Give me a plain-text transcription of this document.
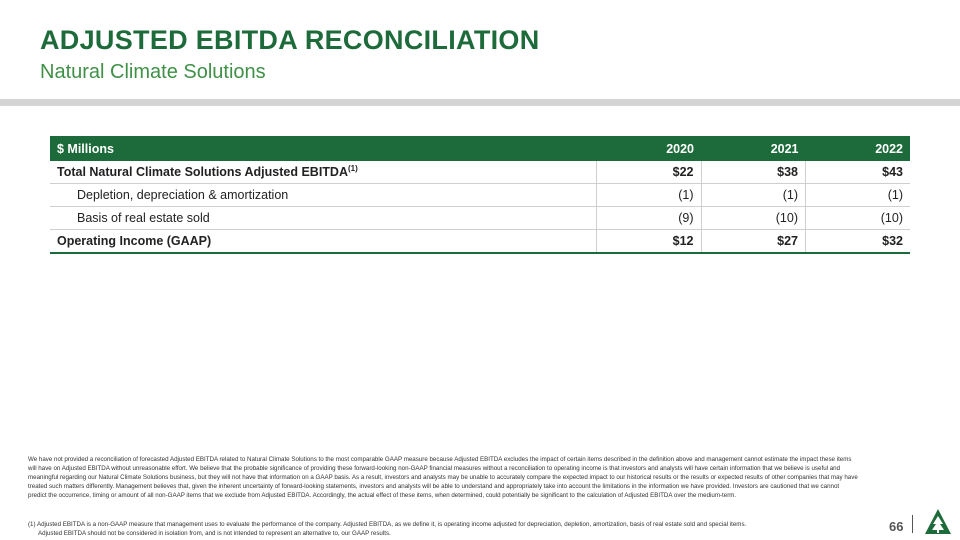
ADJUSTED EBITDA RECONCILIATION
Natural Climate Solutions
$ Millions	2020	2021	2022
Total Natural Climate Solutions Adjusted EBITDA$^{(1)}$	$22	$38	$43
Depletion, depreciation & amortization	(1)	(1)	(1)
Basis of real estate sold	(9)	(10)	(10)
Operating Income (GAAP)	$12	$27	$32
We have not provided a reconciliation of forecasted Adjusted EBITDA related to Natural Climate Solutions to the most comparable GAAP measure because Adjusted EBITDA excludes the impact of certain items described in the definition above and management cannot estimate the impact these items will have on Adjusted EBITDA without unreasonable effort. We believe that the probable significance of providing these forward-looking non-GAAP financial measures without a reconciliation to operating income is that investors and analysts will have certain information that we believe is useful and meaningful regarding our Natural Climate Solutions business, but they will not have that information on a GAAP basis. As a result, investors and analysts may be unable to accurately compare the expected impact to our historical results or the results or expected results of other companies that may have treated such matters differently. Management believes that, given the inherent uncertainty of forward-looking statements, investors and analysts will be able to understand and appropriately take into account the limitations in the information we have provided. Investors are cautioned that we cannot predict the occurrence, timing or amount of all non-GAAP items that we exclude from Adjusted EBITDA. Accordingly, the actual effect of these items, when determined, could potentially be significant to the calculation of Adjusted EBITDA over the medium-term.
(1) Adjusted EBITDA is a non-GAAP measure that management uses to evaluate the performance of the company. Adjusted EBITDA, as we define it, is operating income adjusted for depreciation, depletion, amortization, basis of real estate sold and special items.
Adjusted EBITDA should not be considered in isolation from, and is not intended to represent an alternative to, our GAAP results.	66
